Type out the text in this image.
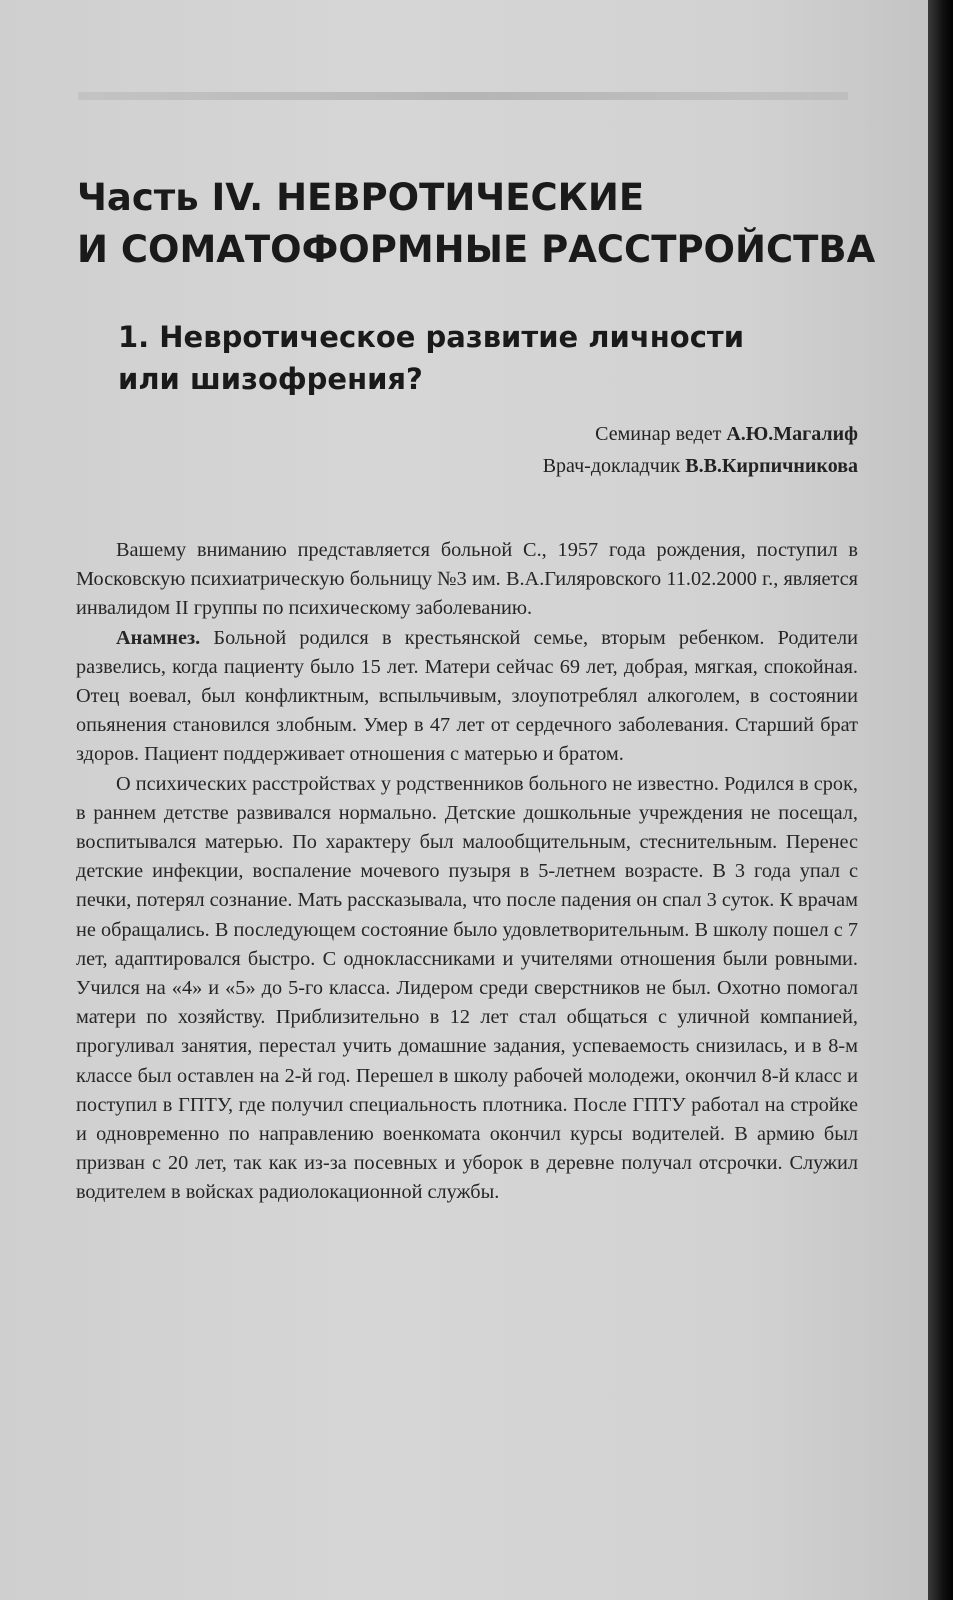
Часть IV. НЕВРОТИЧЕСКИЕ
И СОМАТОФОРМНЫЕ РАССТРОЙСТВА
1. Невротическое развитие личности
или шизофрения?
Семинар ведет А.Ю.Магалиф
Врач-докладчик В.В.Кирпичникова

Вашему вниманию представляется больной С., 1957 года рождения, поступил в Московскую психиатрическую больницу №3 им. В.А.Гиляровского 11.02.2000 г., является инвалидом II группы по психическому заболеванию.

Анамнез. Больной родился в крестьянской семье, вторым ребенком. Родители развелись, когда пациенту было 15 лет. Матери сейчас 69 лет, добрая, мягкая, спокойная. Отец воевал, был конфликтным, вспыльчивым, злоупотреблял алкоголем, в состоянии опьянения становился злобным. Умер в 47 лет от сердечного заболевания. Старший брат здоров. Пациент поддерживает отношения с матерью и братом.

О психических расстройствах у родственников больного не известно. Родился в срок, в раннем детстве развивался нормально. Детские дошкольные учреждения не посещал, воспитывался матерью. По характеру был малообщительным, стеснительным. Перенес детские инфекции, воспаление мочевого пузыря в 5-летнем возрасте. В 3 года упал с печки, потерял сознание. Мать рассказывала, что после падения он спал 3 суток. К врачам не обращались. В последующем состояние было удовлетворительным. В школу пошел с 7 лет, адаптировался быстро. С одноклассниками и учителями отношения были ровными. Учился на «4» и «5» до 5-го класса. Лидером среди сверстников не был. Охотно помогал матери по хозяйству. Приблизительно в 12 лет стал общаться с уличной компанией, прогуливал занятия, перестал учить домашние задания, успеваемость снизилась, и в 8-м классе был оставлен на 2-й год. Перешел в школу рабочей молодежи, окончил 8-й класс и поступил в ГПТУ, где получил специальность плотника. После ГПТУ работал на стройке и одновременно по направлению военкомата окончил курсы водителей. В армию был призван с 20 лет, так как из-за посевных и уборок в деревне получал отсрочки. Служил водителем в войсках радиолокационной службы.
